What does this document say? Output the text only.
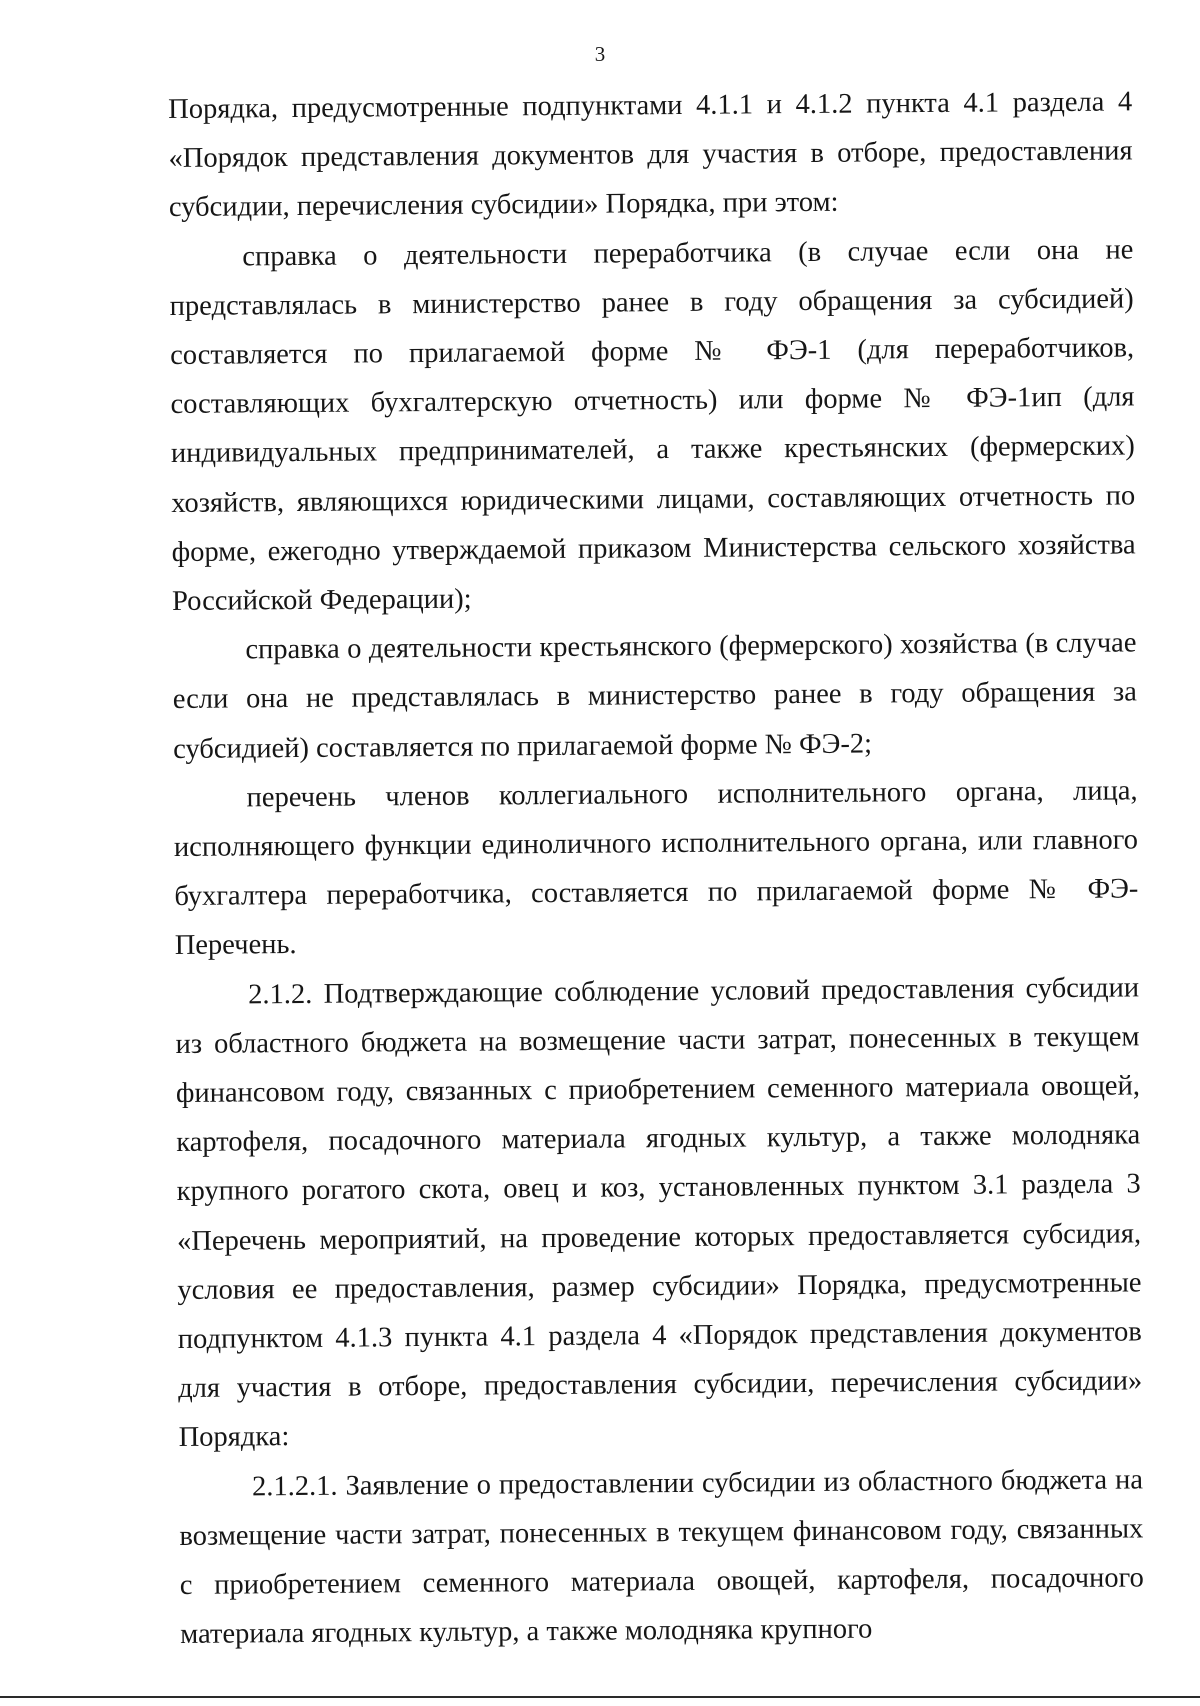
3

Порядка, предусмотренные подпунктами 4.1.1 и 4.1.2 пункта 4.1 раздела 4 «Порядок представления документов для участия в отборе, предоставления субсидии, перечисления субсидии» Порядка, при этом:

справка о деятельности переработчика (в случае если она не представлялась в министерство ранее в году обращения за субсидией) составляется по прилагаемой форме № ФЭ-1 (для переработчиков, составляющих бухгалтерскую отчетность) или форме № ФЭ-1ип (для индивидуальных предпринимателей, а также крестьянских (фермерских) хозяйств, являющихся юридическими лицами, составляющих отчетность по форме, ежегодно утверждаемой приказом Министерства сельского хозяйства Российской Федерации);

справка о деятельности крестьянского (фермерского) хозяйства (в случае если она не представлялась в министерство ранее в году обращения за субсидией) составляется по прилагаемой форме № ФЭ-2;

перечень членов коллегиального исполнительного органа, лица, исполняющего функции единоличного исполнительного органа, или главного бухгалтера переработчика, составляется по прилагаемой форме № ФЭ-Перечень.

2.1.2. Подтверждающие соблюдение условий предоставления субсидии из областного бюджета на возмещение части затрат, понесенных в текущем финансовом году, связанных с приобретением семенного материала овощей, картофеля, посадочного материала ягодных культур, а также молодняка крупного рогатого скота, овец и коз, установленных пунктом 3.1 раздела 3 «Перечень мероприятий, на проведение которых предоставляется субсидия, условия ее предоставления, размер субсидии» Порядка, предусмотренные подпунктом 4.1.3 пункта 4.1 раздела 4 «Порядок представления документов для участия в отборе, предоставления субсидии, перечисления субсидии» Порядка:

2.1.2.1. Заявление о предоставлении субсидии из областного бюджета на возмещение части затрат, понесенных в текущем финансовом году, связанных с приобретением семенного материала овощей, картофеля, посадочного материала ягодных культур, а также молодняка крупного
